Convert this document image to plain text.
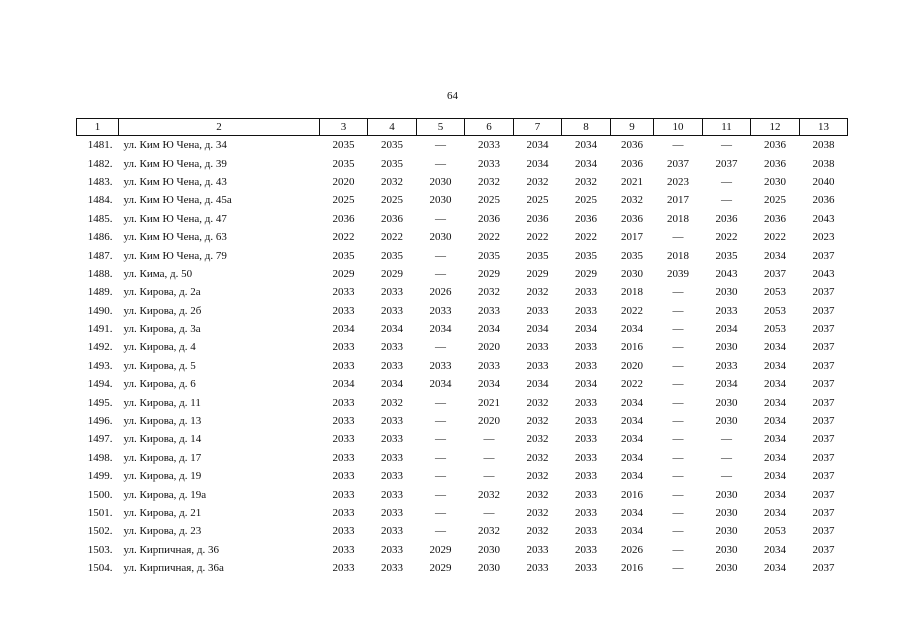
64
1	2	3	4	5	6	7	8	9	10	11	12	13
1481.	ул. Ким Ю Чена, д. 34	2035	2035	—	2033	2034	2034	2036	—	—	2036	2038
1482.	ул. Ким Ю Чена, д. 39	2035	2035	—	2033	2034	2034	2036	2037	2037	2036	2038
1483.	ул. Ким Ю Чена, д. 43	2020	2032	2030	2032	2032	2032	2021	2023	—	2030	2040
1484.	ул. Ким Ю Чена, д. 45а	2025	2025	2030	2025	2025	2025	2032	2017	—	2025	2036
1485.	ул. Ким Ю Чена, д. 47	2036	2036	—	2036	2036	2036	2036	2018	2036	2036	2043
1486.	ул. Ким Ю Чена, д. 63	2022	2022	2030	2022	2022	2022	2017	—	2022	2022	2023
1487.	ул. Ким Ю Чена, д. 79	2035	2035	—	2035	2035	2035	2035	2018	2035	2034	2037
1488.	ул. Кима, д. 50	2029	2029	—	2029	2029	2029	2030	2039	2043	2037	2043
1489.	ул. Кирова, д. 2а	2033	2033	2026	2032	2032	2033	2018	—	2030	2053	2037
1490.	ул. Кирова, д. 2б	2033	2033	2033	2033	2033	2033	2022	—	2033	2053	2037
1491.	ул. Кирова, д. 3а	2034	2034	2034	2034	2034	2034	2034	—	2034	2053	2037
1492.	ул. Кирова, д. 4	2033	2033	—	2020	2033	2033	2016	—	2030	2034	2037
1493.	ул. Кирова, д. 5	2033	2033	2033	2033	2033	2033	2020	—	2033	2034	2037
1494.	ул. Кирова, д. 6	2034	2034	2034	2034	2034	2034	2022	—	2034	2034	2037
1495.	ул. Кирова, д. 11	2033	2032	—	2021	2032	2033	2034	—	2030	2034	2037
1496.	ул. Кирова, д. 13	2033	2033	—	2020	2032	2033	2034	—	2030	2034	2037
1497.	ул. Кирова, д. 14	2033	2033	—	—	2032	2033	2034	—	—	2034	2037
1498.	ул. Кирова, д. 17	2033	2033	—	—	2032	2033	2034	—	—	2034	2037
1499.	ул. Кирова, д. 19	2033	2033	—	—	2032	2033	2034	—	—	2034	2037
1500.	ул. Кирова, д. 19а	2033	2033	—	2032	2032	2033	2016	—	2030	2034	2037
1501.	ул. Кирова, д. 21	2033	2033	—	—	2032	2033	2034	—	2030	2034	2037
1502.	ул. Кирова, д. 23	2033	2033	—	2032	2032	2033	2034	—	2030	2053	2037
1503.	ул. Кирпичная, д. 36	2033	2033	2029	2030	2033	2033	2026	—	2030	2034	2037
1504.	ул. Кирпичная, д. 36а	2033	2033	2029	2030	2033	2033	2016	—	2030	2034	2037
